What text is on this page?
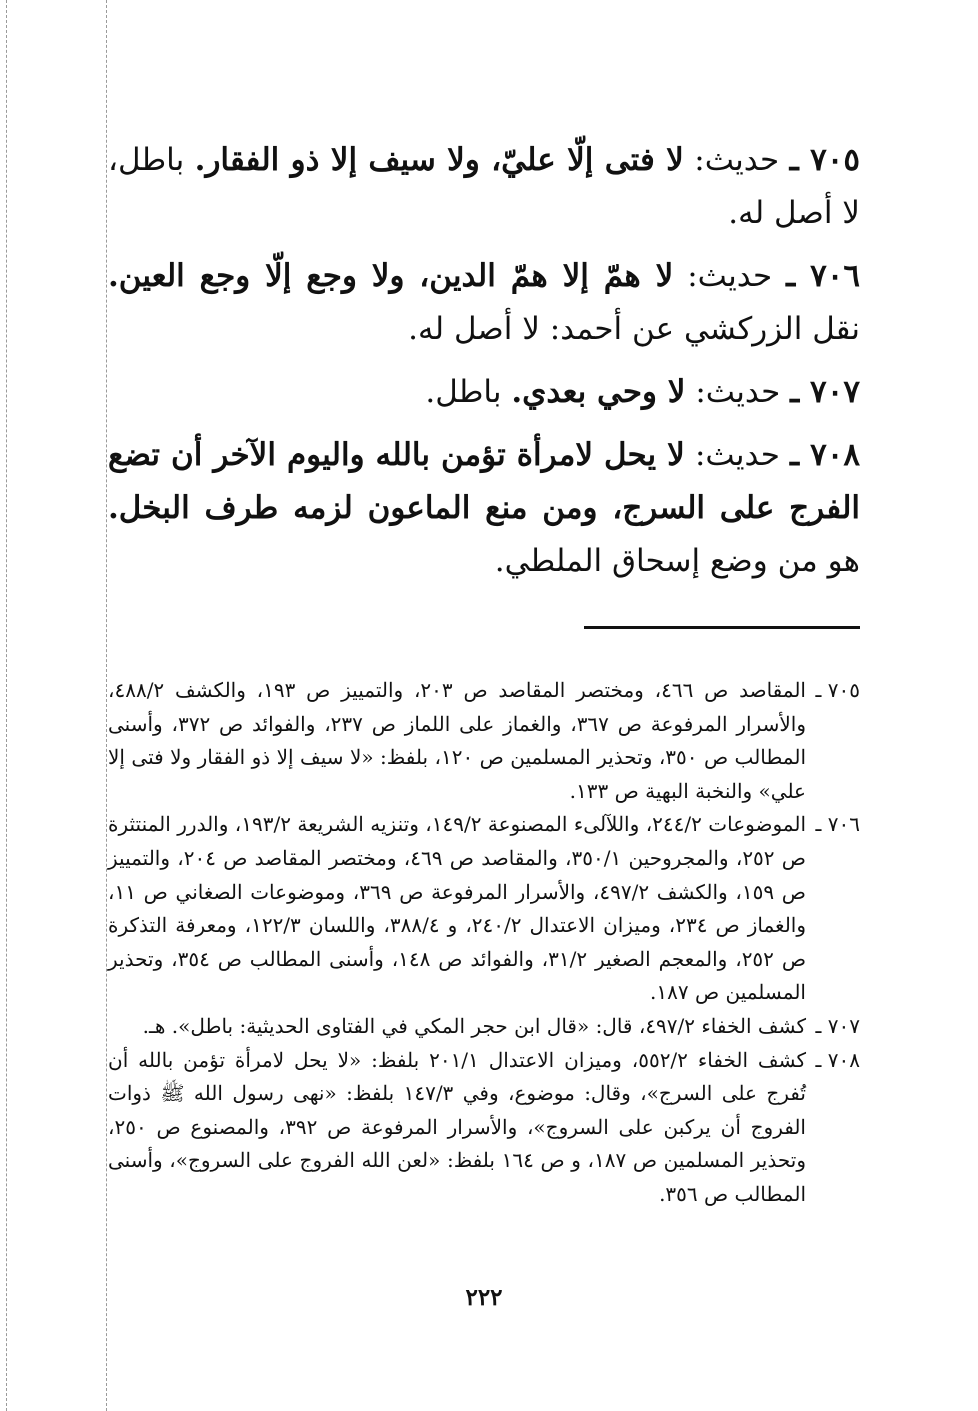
٧٠٥ ـ حديث: لا فتى إلّا عليّ، ولا سيف إلا ذو الفقار. باطل، لا أصل له.

٧٠٦ ـ حديث: لا همّ إلا همّ الدين، ولا وجع إلّا وجع العين. نقل الزركشي عن أحمد: لا أصل له.

٧٠٧ ـ حديث: لا وحي بعدي. باطل.

٧٠٨ ـ حديث: لا يحل لامرأة تؤمن بالله واليوم الآخر أن تضع الفرج على السرج، ومن منع الماعون لزمه طرف البخل. هو من وضع إسحاق الملطي.

٧٠٥ ـ
المقاصد ص ٤٦٦، ومختصر المقاصد ص ٢٠٣، والتمييز ص ١٩٣، والكشف ٤٨٨/٢، والأسرار المرفوعة ص ٣٦٧، والغماز على اللماز ص ٢٣٧، والفوائد ص ٣٧٢، وأسنى المطالب ص ٣٥٠، وتحذير المسلمين ص ١٢٠، بلفظ: «لا سيف إلا ذو الفقار ولا فتى إلا علي» والنخبة البهية ص ١٣٣.
٧٠٦ ـ
الموضوعات ٢٤٤/٢، واللآلىء المصنوعة ١٤٩/٢، وتنزيه الشريعة ١٩٣/٢، والدرر المنتثرة ص ٢٥٢، والمجروحين ٣٥٠/١، والمقاصد ص ٤٦٩، ومختصر المقاصد ص ٢٠٤، والتمييز ص ١٥٩، والكشف ٤٩٧/٢، والأسرار المرفوعة ص ٣٦٩، وموضوعات الصغاني ص ١١، والغماز ص ٢٣٤، وميزان الاعتدال ٢٤٠/٢، و ٣٨٨/٤، واللسان ١٢٢/٣، ومعرفة التذكرة ص ٢٥٢، والمعجم الصغير ٣١/٢، والفوائد ص ١٤٨، وأسنى المطالب ص ٣٥٤، وتحذير المسلمين ص ١٨٧.
٧٠٧ ـ
كشف الخفاء ٤٩٧/٢، قال: «قال ابن حجر المكي في الفتاوى الحديثية: باطل». هـ.
٧٠٨ ـ
كشف الخفاء ٥٥٢/٢، وميزان الاعتدال ٢٠١/١ بلفظ: «لا يحل لامرأة تؤمن بالله أن تُفرج على السرج»، وقال: موضوع، وفي ١٤٧/٣ بلفظ: «نهى رسول الله ﷺ ذوات الفروج أن يركبن على السروج»، والأسرار المرفوعة ص ٣٩٢، والمصنوع ص ٢٥٠، وتحذير المسلمين ص ١٨٧، و ص ١٦٤ بلفظ: «لعن الله الفروج على السروج»، وأسنى المطالب ص ٣٥٦.
٢٢٢
